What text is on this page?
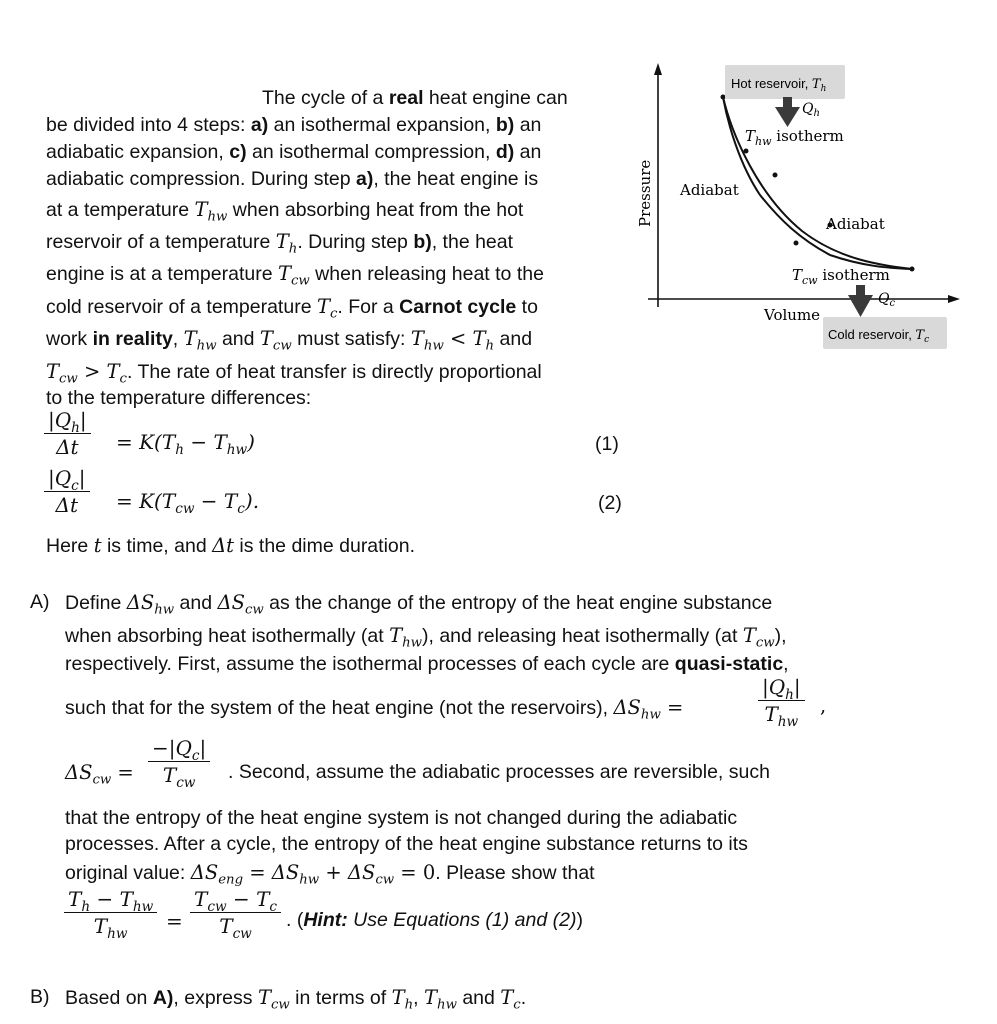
The cycle of a real heat engine can
be divided into 4 steps: a) an isothermal expansion, b) an
adiabatic expansion, c) an isothermal compression, d) an
adiabatic compression. During step a), the heat engine is
at a temperature $T_{hw}$ when absorbing heat from the hot
reservoir of a temperature $T_h$. During step b), the heat
engine is at a temperature $T_{cw}$ when releasing heat to the
cold reservoir of a temperature $T_c$. For a Carnot cycle to
work in reality, $T_{hw}$ and $T_{cw}$ must satisfy: $T_{hw} < T_h$ and
$T_{cw} > T_c$. The rate of heat transfer is directly proportional
to the temperature differences:
$\frac{|Q_h|}{\Delta t} = K(T_h - T_{hw})$	(1)
$\frac{|Q_c|}{\Delta t} = K(T_{cw} - T_c)$.	(2)
Here t is time, and Δt is the dime duration.
A) Define $\Delta S_{hw}$ and $\Delta S_{cw}$ as the change of the entropy of the heat engine substance
when absorbing heat isothermally (at $T_{hw}$), and releasing heat isothermally (at $T_{cw}$),
respectively. First, assume the isothermal processes of each cycle are quasi-static,
such that for the system of the heat engine (not the reservoirs), $\Delta S_{hw}$ =
$|Q_h|$
$T_{hw}$
,
$\Delta S_{cw}$ =
$-|Q_c|$
$T_{cw}$	. Second, assume the adiabatic processes are reversible, such
that the entropy of the heat engine system is not changed during the adiabatic
processes. After a cycle, the entropy of the heat engine substance returns to its
original value: $\Delta S_{eng} = \Delta S_{hw} + \Delta S_{cw} = 0$. Please show that
$T_h - T_{hw}$
$T_{hw}$
=
$T_{cw} - T_c$
$T_{cw}$
. (Hint: Use Equations (1) and (2))
B) Based on A), express $T_{cw}$ in terms of $T_h$, $T_{hw}$ and $T_c$.
Hot reservoir, $T_h$
$Q_h$
$T_{hw}$ isotherm
Adiabat
Adiabat
$T_{cw}$ isotherm
$Q_c$
Volume
Pressure
Cold reservoir, $T_c$
